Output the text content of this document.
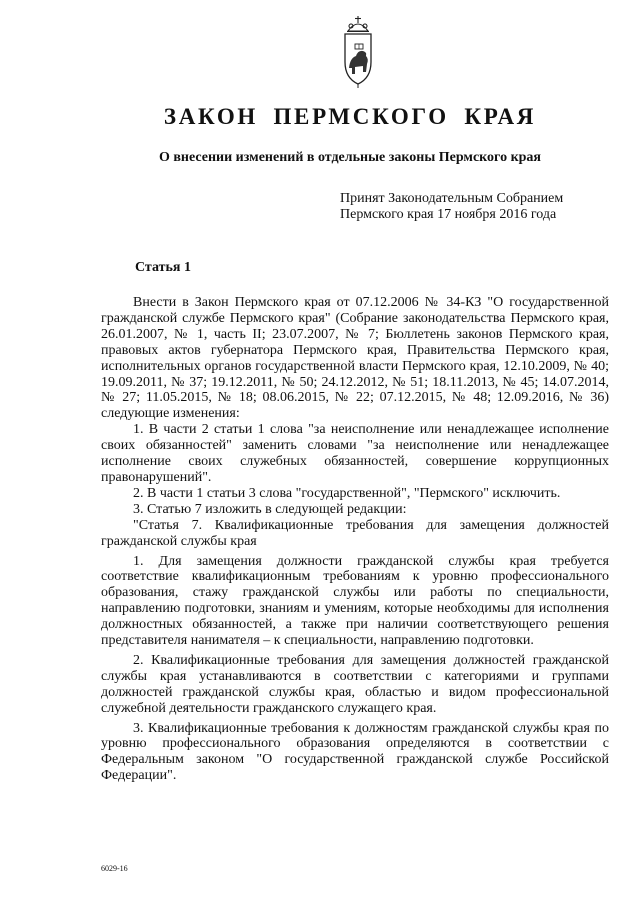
ЗАКОН ПЕРМСКОГО КРАЯ

О внесении изменений в отдельные законы Пермского края

Принят Законодательным Собранием
Пермского края 17 ноября 2016 года
Статья 1

Внести в Закон Пермского края от 07.12.2006 № 34-КЗ "О государственной гражданской службе Пермского края" (Собрание законодательства Пермского края, 26.01.2007, № 1, часть II; 23.07.2007, № 7; Бюллетень законов Пермского края, правовых актов губернатора Пермского края, Правительства Пермского края, исполнительных органов государственной власти Пермского края, 12.10.2009, № 40; 19.09.2011, № 37; 19.12.2011, № 50; 24.12.2012, № 51; 18.11.2013, № 45; 14.07.2014, № 27; 11.05.2015, № 18; 08.06.2015, № 22; 07.12.2015, № 48; 12.09.2016, № 36) следующие изменения:

1. В части 2 статьи 1 слова "за неисполнение или ненадлежащее исполнение своих обязанностей" заменить словами "за неисполнение или ненадлежащее исполнение своих служебных обязанностей, совершение коррупционных правонарушений".

2. В части 1 статьи 3 слова "государственной", "Пермского" исключить.

3. Статью 7 изложить в следующей редакции:

"Статья 7. Квалификационные требования для замещения должностей гражданской службы края

1. Для замещения должности гражданской службы края требуется соответствие квалификационным требованиям к уровню профессионального образования, стажу гражданской службы или работы по специальности, направлению подготовки, знаниям и умениям, которые необходимы для исполнения должностных обязанностей, а также при наличии соответствующего решения представителя нанимателя – к специальности, направлению подготовки.

2. Квалификационные требования для замещения должностей гражданской службы края устанавливаются в соответствии с категориями и группами должностей гражданской службы края, областью и видом профессиональной служебной деятельности гражданского служащего края.

3. Квалификационные требования к должностям гражданской службы края по уровню профессионального образования определяются в соответствии с Федеральным законом "О государственной гражданской службе Российской Федерации".

6029-16
